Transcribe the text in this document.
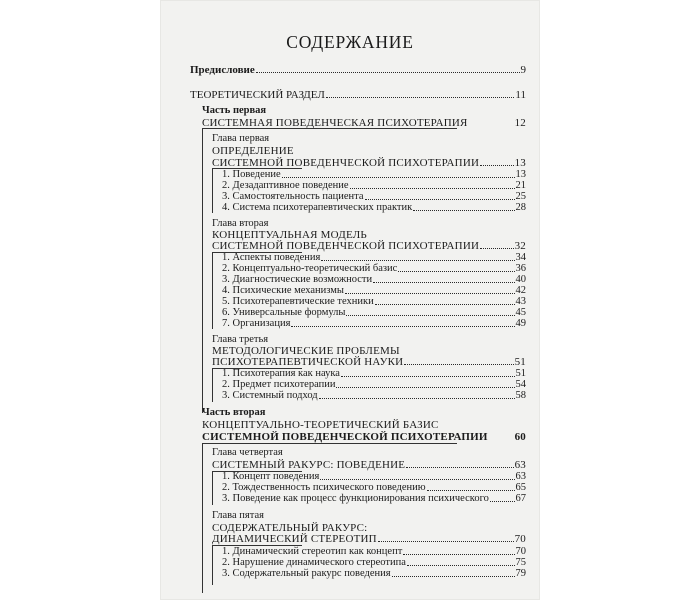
СОДЕРЖАНИЕ
Предисловие	9
ТЕОРЕТИЧЕСКИЙ РАЗДЕЛ	11
Часть первая
СИСТЕМНАЯ ПОВЕДЕНЧЕСКАЯ ПСИХОТЕРАПИЯ	12
Глава первая
ОПРЕДЕЛЕНИЕ
СИСТЕМНОЙ ПОВЕДЕНЧЕСКОЙ ПСИХОТЕРАПИИ	13
1. Поведение	13
2. Дезадаптивное поведение	21
3. Самостоятельность пациента	25
4. Система психотерапевтических практик	28
Глава вторая
КОНЦЕПТУАЛЬНАЯ МОДЕЛЬ
СИСТЕМНОЙ ПОВЕДЕНЧЕСКОЙ ПСИХОТЕРАПИИ	32
1. Аспекты поведения	34
2. Концептуально-теоретический базис	36
3. Диагностические возможности	40
4. Психические механизмы	42
5. Психотерапевтические техники	43
6. Универсальные формулы	45
7. Организация	49
Глава третья
МЕТОДОЛОГИЧЕСКИЕ ПРОБЛЕМЫ
ПСИХОТЕРАПЕВТИЧЕСКОЙ НАУКИ	51
1. Психотерапия как наука	51
2. Предмет психотерапии	54
3. Системный подход	58
Часть вторая
КОНЦЕПТУАЛЬНО-ТЕОРЕТИЧЕСКИЙ БАЗИС
СИСТЕМНОЙ ПОВЕДЕНЧЕСКОЙ ПСИХОТЕРАПИИ 60
Глава четвертая
СИСТЕМНЫЙ РАКУРС: ПОВЕДЕНИЕ	63
1. Концепт поведения	63
2. Тождественность психического поведению	65
3. Поведение как процесс функционирования психического	67
Глава пятая
СОДЕРЖАТЕЛЬНЫЙ РАКУРС:
ДИНАМИЧЕСКИЙ СТЕРЕОТИП	70
1. Динамический стереотип как концепт	70
2. Нарушение динамического стереотипа	75
3. Содержательный ракурс поведения	79
